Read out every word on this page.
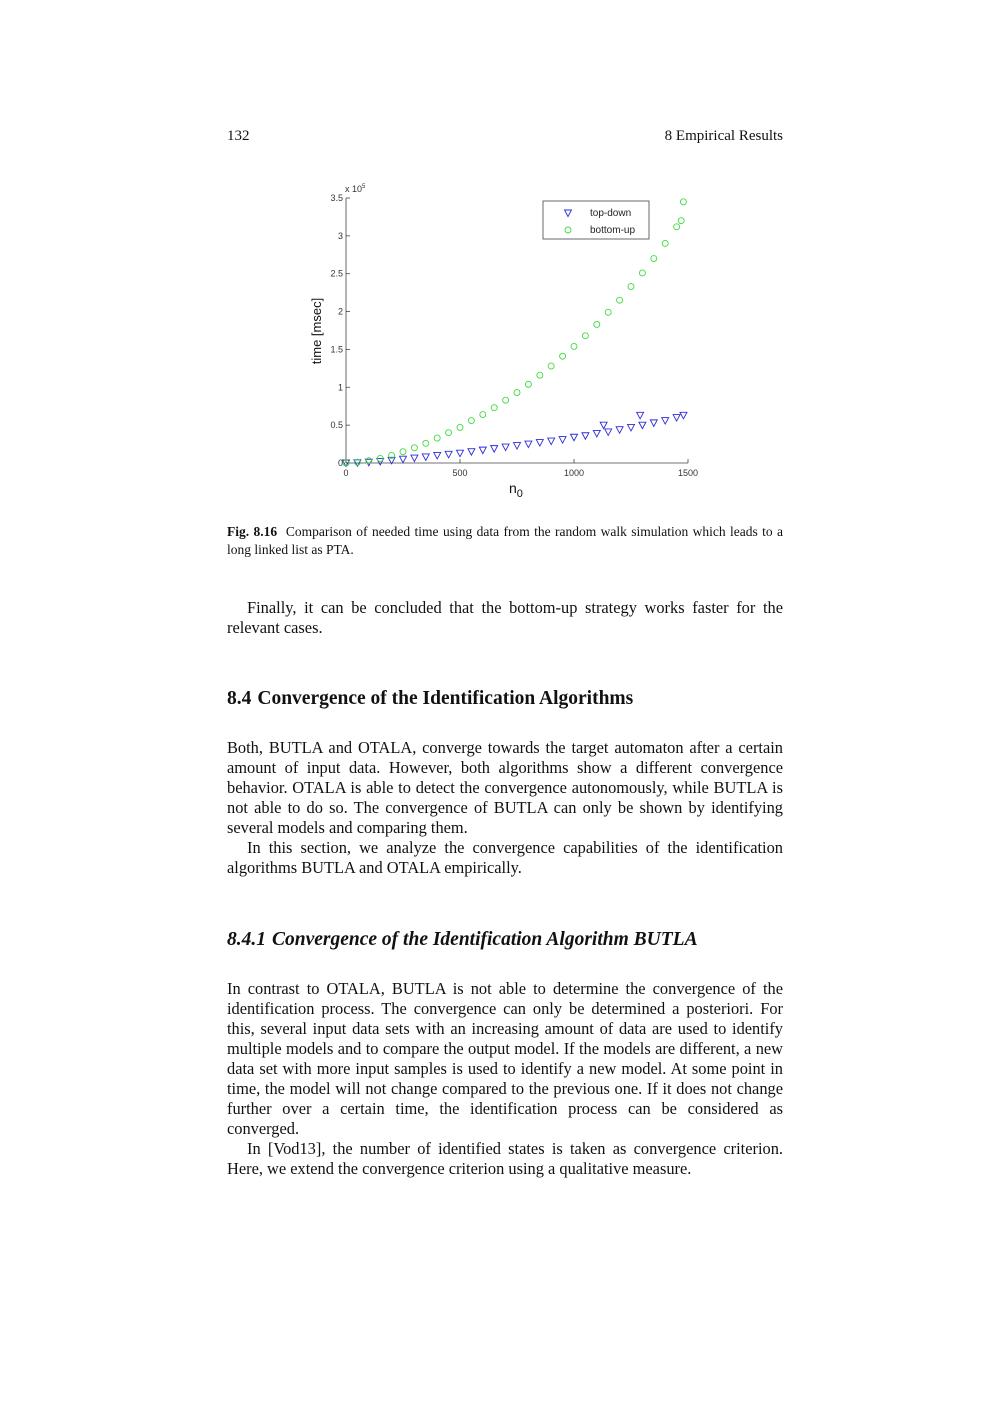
132	8 Empirical Results
0
0.5
1
1.5
2
2.5
3
3.5
0	500	1000	1500
top-down
bottom-up
x $10^5$
time [msec]
$n_0$
Fig. 8.16 Comparison of needed time using data from the random walk simulation which leads to a long linked list as PTA.

Finally, it can be concluded that the bottom-up strategy works faster for the relevant cases.

8.4 Convergence of the Identification Algorithms

Both, BUTLA and OTALA, converge towards the target automaton after a certain amount of input data. However, both algorithms show a different convergence behavior. OTALA is able to detect the convergence autonomously, while BUTLA is not able to do so. The convergence of BUTLA can only be shown by identifying several models and comparing them.

In this section, we analyze the convergence capabilities of the identification algorithms BUTLA and OTALA empirically.

8.4.1 Convergence of the Identification Algorithm BUTLA

In contrast to OTALA, BUTLA is not able to determine the convergence of the identification process. The convergence can only be determined a posteriori. For this, several input data sets with an increasing amount of data are used to identify multiple models and to compare the output model. If the models are different, a new data set with more input samples is used to identify a new model. At some point in time, the model will not change compared to the previous one. If it does not change further over a certain time, the identification process can be considered as converged.

In [Vod13], the number of identified states is taken as convergence criterion. Here, we extend the convergence criterion using a qualitative measure.
